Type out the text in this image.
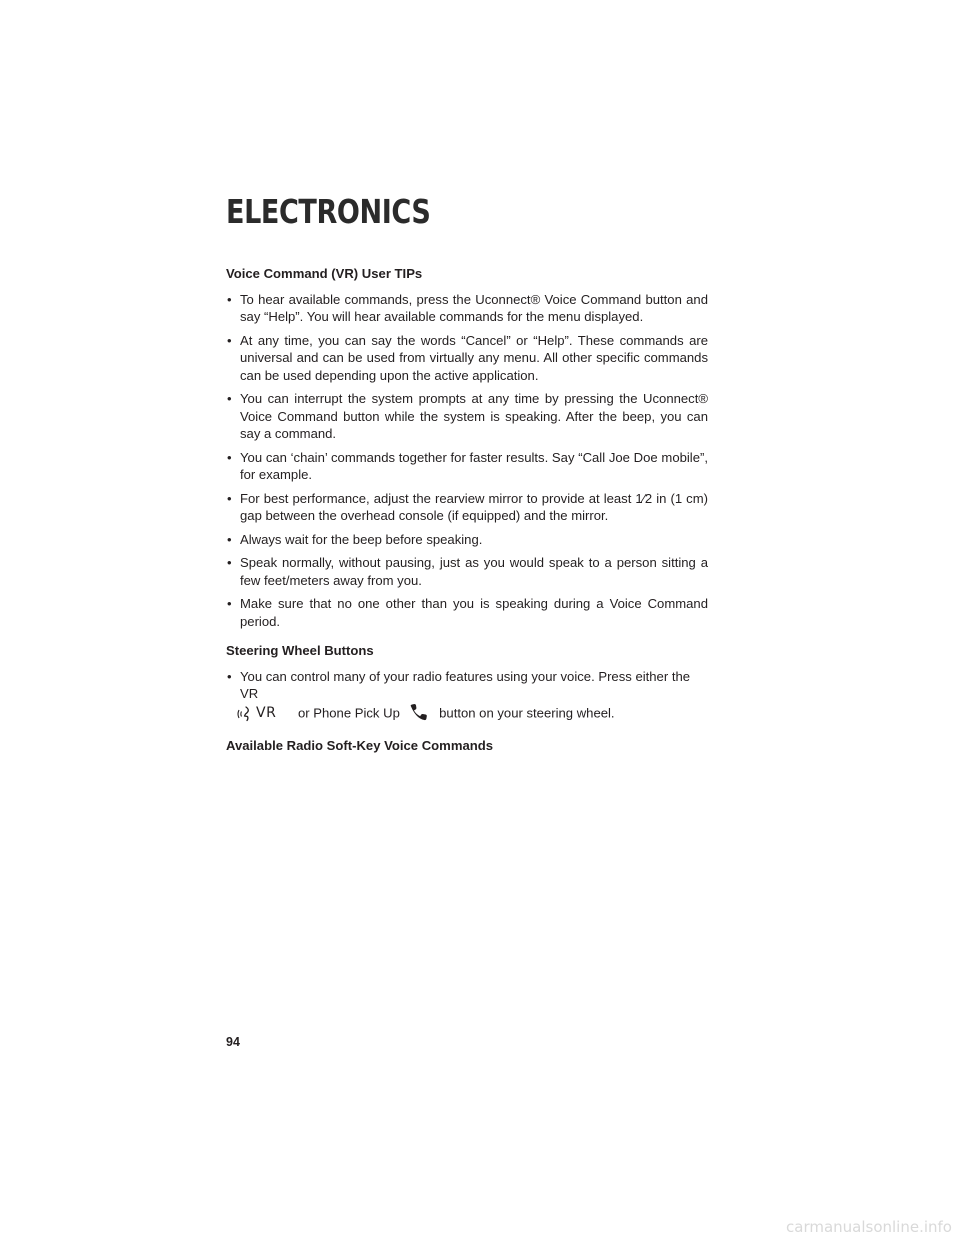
ELECTRONICS
Voice Command (VR) User TIPs
• To hear available commands, press the Uconnect® Voice Command button and say “Help”. You will hear available commands for the menu displayed.
• At any time, you can say the words “Cancel” or “Help”. These commands are universal and can be used from virtually any menu. All other specific commands can be used depending upon the active application.
• You can interrupt the system prompts at any time by pressing the Uconnect® Voice Command button while the system is speaking. After the beep, you can say a command.
• You can ‘chain’ commands together for faster results. Say “Call Joe Doe mobile”, for example.
• For best performance, adjust the rearview mirror to provide at least 1⁄2 in (1 cm) gap between the overhead console (if equipped) and the mirror.
• Always wait for the beep before speaking.
• Speak normally, without pausing, just as you would speak to a person sitting a few feet/meters away from you.
• Make sure that no one other than you is speaking during a Voice Command period.
Steering Wheel Buttons
• You can control many of your radio features using your voice. Press either the VR

VR or Phone Pick Up	button on your steering wheel.
Available Radio Soft-Key Voice Commands
94
carmanualsonline.info
